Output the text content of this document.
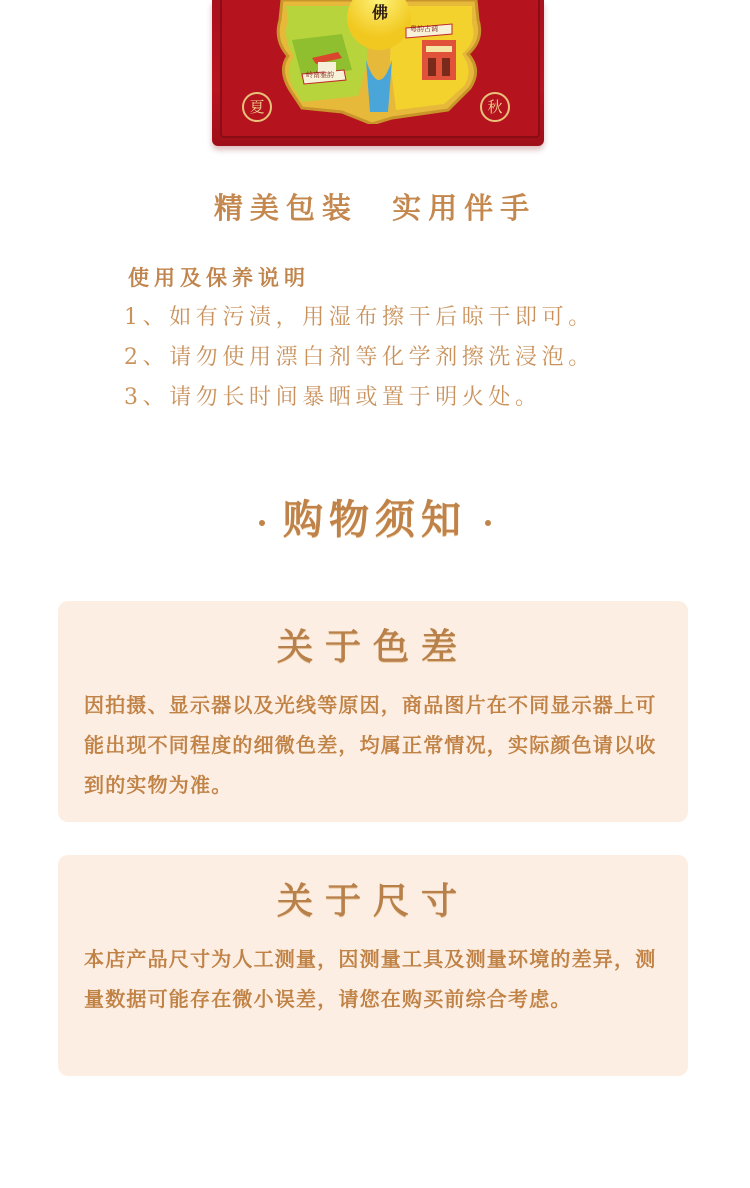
岭南雅韵
粤韵古调
佛
夏	秋
精美包装  实用伴手
使用及保养说明
1、如有污渍，用湿布擦干后晾干即可。
2、请勿使用漂白剂等化学剂擦洗浸泡。
3、请勿长时间暴晒或置于明火处。
购物须知
关于色差
因拍摄、显示器以及光线等原因，商品图片在不同显示器上可能出现不同程度的细微色差，均属正常情况，实际颜色请以收到的实物为准。
关于尺寸
本店产品尺寸为人工测量，因测量工具及测量环境的差异，测量数据可能存在微小误差，请您在购买前综合考虑。
